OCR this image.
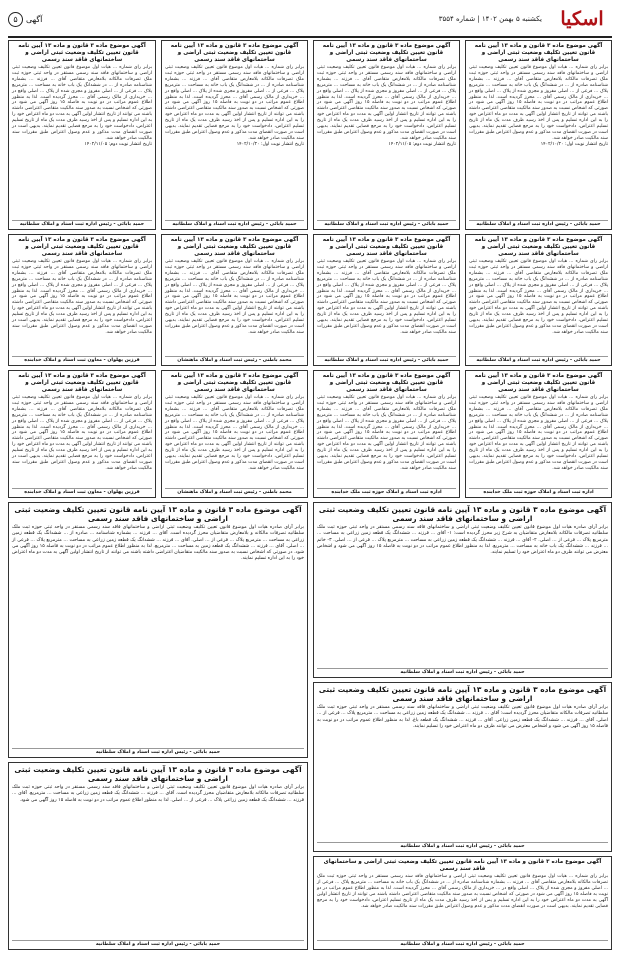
اسکیا
یکشنبه ۵ بهمن ۱۴۰۲ | شماره ۳۵۵۴
آگهی
۵
آگهی موضوع ماده ۳ قانون و ماده ۱۳ آیین نامه قانون تعیین تکلیف وضعیت ثبتی اراضی و ساختمانهای فاقد سند رسمی
برابر رای شماره ... هیات اول موضوع قانون تعیین تکلیف وضعیت ثبتی اراضی و ساختمانهای فاقد سند رسمی مستقر در واحد ثبتی حوزه ثبت ملک تصرفات مالکانه بلامعارض متقاضی آقای ... فرزند ... بشماره شناسنامه صادره از ... در ششدانگ یک باب خانه به مساحت ... مترمربع پلاک ... فرعی از ... اصلی مفروز و مجزی شده از پلاک ... اصلی واقع در ... خریداری از مالک رسمی آقای ... محرز گردیده است. لذا به منظور اطلاع عموم مراتب در دو نوبت به فاصله ۱۵ روز آگهی می شود در صورتی که اشخاص نسبت به صدور سند مالکیت متقاضی اعتراضی داشته باشند می توانند از تاریخ انتشار اولین آگهی به مدت دو ماه اعتراض خود را به این اداره تسلیم و پس از اخذ رسید ظرف مدت یک ماه از تاریخ تسلیم اعتراض، دادخواست خود را به مرجع قضایی تقدیم نمایند. بدیهی است در صورت انقضای مدت مذکور و عدم وصول اعتراض طبق مقررات سند مالکیت صادر خواهد شد.
تاریخ انتشار نوبت اول: ۱۴۰۲/۱۰/۲۰
حمید بابائی - رئیس اداره ثبت اسناد و املاک سلطانیه
آگهی موضوع ماده ۳ قانون و ماده ۱۳ آیین نامه قانون تعیین تکلیف وضعیت ثبتی اراضی و ساختمانهای فاقد سند رسمی
برابر رای شماره ... هیات اول موضوع قانون تعیین تکلیف وضعیت ثبتی اراضی و ساختمانهای فاقد سند رسمی مستقر در واحد ثبتی حوزه ثبت ملک تصرفات مالکانه بلامعارض متقاضی آقای ... فرزند ... بشماره شناسنامه صادره از ... در ششدانگ یک باب خانه به مساحت ... مترمربع پلاک ... فرعی از ... اصلی مفروز و مجزی شده از پلاک ... اصلی واقع در ... خریداری از مالک رسمی آقای ... محرز گردیده است. لذا به منظور اطلاع عموم مراتب در دو نوبت به فاصله ۱۵ روز آگهی می شود در صورتی که اشخاص نسبت به صدور سند مالکیت متقاضی اعتراضی داشته باشند می توانند از تاریخ انتشار اولین آگهی به مدت دو ماه اعتراض خود را به این اداره تسلیم و پس از اخذ رسید ظرف مدت یک ماه از تاریخ تسلیم اعتراض، دادخواست خود را به مرجع قضایی تقدیم نمایند. بدیهی است در صورت انقضای مدت مذکور و عدم وصول اعتراض طبق مقررات سند مالکیت صادر خواهد شد.
تاریخ انتشار نوبت دوم: ۱۴۰۲/۱۱/۰۵
حمید بابائی - رئیس اداره ثبت اسناد و املاک سلطانیه
آگهی موضوع ماده ۳ قانون و ماده ۱۳ آیین نامه قانون تعیین تکلیف وضعیت ثبتی اراضی و ساختمانهای فاقد سند رسمی
برابر رای شماره ... هیات اول موضوع قانون تعیین تکلیف وضعیت ثبتی اراضی و ساختمانهای فاقد سند رسمی مستقر در واحد ثبتی حوزه ثبت ملک تصرفات مالکانه بلامعارض متقاضی آقای ... فرزند ... بشماره شناسنامه صادره از ... در ششدانگ یک باب خانه به مساحت ... مترمربع پلاک ... فرعی از ... اصلی مفروز و مجزی شده از پلاک ... اصلی واقع در ... خریداری از مالک رسمی آقای ... محرز گردیده است. لذا به منظور اطلاع عموم مراتب در دو نوبت به فاصله ۱۵ روز آگهی می شود در صورتی که اشخاص نسبت به صدور سند مالکیت متقاضی اعتراضی داشته باشند می توانند از تاریخ انتشار اولین آگهی به مدت دو ماه اعتراض خود را به این اداره تسلیم و پس از اخذ رسید ظرف مدت یک ماه از تاریخ تسلیم اعتراض، دادخواست خود را به مرجع قضایی تقدیم نمایند. بدیهی است در صورت انقضای مدت مذکور و عدم وصول اعتراض طبق مقررات سند مالکیت صادر خواهد شد.
تاریخ انتشار نوبت اول: ۱۴۰۲/۱۰/۲۰
حمید بابائی - رئیس اداره ثبت اسناد و املاک سلطانیه
آگهی موضوع ماده ۳ قانون و ماده ۱۳ آیین نامه قانون تعیین تکلیف وضعیت ثبتی اراضی و ساختمانهای فاقد سند رسمی
برابر رای شماره ... هیات اول موضوع قانون تعیین تکلیف وضعیت ثبتی اراضی و ساختمانهای فاقد سند رسمی مستقر در واحد ثبتی حوزه ثبت ملک تصرفات مالکانه بلامعارض متقاضی آقای ... فرزند ... بشماره شناسنامه صادره از ... در ششدانگ یک باب خانه به مساحت ... مترمربع پلاک ... فرعی از ... اصلی مفروز و مجزی شده از پلاک ... اصلی واقع در ... خریداری از مالک رسمی آقای ... محرز گردیده است. لذا به منظور اطلاع عموم مراتب در دو نوبت به فاصله ۱۵ روز آگهی می شود در صورتی که اشخاص نسبت به صدور سند مالکیت متقاضی اعتراضی داشته باشند می توانند از تاریخ انتشار اولین آگهی به مدت دو ماه اعتراض خود را به این اداره تسلیم و پس از اخذ رسید ظرف مدت یک ماه از تاریخ تسلیم اعتراض، دادخواست خود را به مرجع قضایی تقدیم نمایند. بدیهی است در صورت انقضای مدت مذکور و عدم وصول اعتراض طبق مقررات سند مالکیت صادر خواهد شد.
تاریخ انتشار نوبت دوم: ۱۴۰۲/۱۱/۰۵
حمید بابائی - رئیس اداره ثبت اسناد و املاک سلطانیه
آگهی موضوع ماده ۳ قانون و ماده ۱۳ آیین نامه قانون تعیین تکلیف وضعیت ثبتی اراضی و ساختمانهای فاقد سند رسمی
برابر رای شماره ... هیات اول موضوع قانون تعیین تکلیف وضعیت ثبتی اراضی و ساختمانهای فاقد سند رسمی مستقر در واحد ثبتی حوزه ثبت ملک تصرفات مالکانه بلامعارض متقاضی آقای ... فرزند ... بشماره شناسنامه صادره از ... در ششدانگ یک باب خانه به مساحت ... مترمربع پلاک ... فرعی از ... اصلی مفروز و مجزی شده از پلاک ... اصلی واقع در ... خریداری از مالک رسمی آقای ... محرز گردیده است. لذا به منظور اطلاع عموم مراتب در دو نوبت به فاصله ۱۵ روز آگهی می شود در صورتی که اشخاص نسبت به صدور سند مالکیت متقاضی اعتراضی داشته باشند می توانند از تاریخ انتشار اولین آگهی به مدت دو ماه اعتراض خود را به این اداره تسلیم و پس از اخذ رسید ظرف مدت یک ماه از تاریخ تسلیم اعتراض، دادخواست خود را به مرجع قضایی تقدیم نمایند. بدیهی است در صورت انقضای مدت مذکور و عدم وصول اعتراض طبق مقررات سند مالکیت صادر خواهد شد.
حمید بابائی - رئیس اداره ثبت اسناد و املاک سلطانیه
آگهی موضوع ماده ۳ قانون و ماده ۱۳ آیین نامه قانون تعیین تکلیف وضعیت ثبتی اراضی و ساختمانهای فاقد سند رسمی
برابر رای شماره ... هیات اول موضوع قانون تعیین تکلیف وضعیت ثبتی اراضی و ساختمانهای فاقد سند رسمی مستقر در واحد ثبتی حوزه ثبت ملک تصرفات مالکانه بلامعارض متقاضی آقای ... فرزند ... بشماره شناسنامه صادره از ... در ششدانگ یک باب خانه به مساحت ... مترمربع پلاک ... فرعی از ... اصلی مفروز و مجزی شده از پلاک ... اصلی واقع در ... خریداری از مالک رسمی آقای ... محرز گردیده است. لذا به منظور اطلاع عموم مراتب در دو نوبت به فاصله ۱۵ روز آگهی می شود در صورتی که اشخاص نسبت به صدور سند مالکیت متقاضی اعتراضی داشته باشند می توانند از تاریخ انتشار اولین آگهی به مدت دو ماه اعتراض خود را به این اداره تسلیم و پس از اخذ رسید ظرف مدت یک ماه از تاریخ تسلیم اعتراض، دادخواست خود را به مرجع قضایی تقدیم نمایند. بدیهی است در صورت انقضای مدت مذکور و عدم وصول اعتراض طبق مقررات سند مالکیت صادر خواهد شد.
حمید بابائی - رئیس اداره ثبت اسناد و املاک سلطانیه
آگهی موضوع ماده ۳ قانون و ماده ۱۳ آیین نامه قانون تعیین تکلیف وضعیت ثبتی اراضی و ساختمانهای فاقد سند رسمی
برابر رای شماره ... هیات اول موضوع قانون تعیین تکلیف وضعیت ثبتی اراضی و ساختمانهای فاقد سند رسمی مستقر در واحد ثبتی حوزه ثبت ملک تصرفات مالکانه بلامعارض متقاضی آقای ... فرزند ... بشماره شناسنامه صادره از ... در ششدانگ یک باب خانه به مساحت ... مترمربع پلاک ... فرعی از ... اصلی مفروز و مجزی شده از پلاک ... اصلی واقع در ... خریداری از مالک رسمی آقای ... محرز گردیده است. لذا به منظور اطلاع عموم مراتب در دو نوبت به فاصله ۱۵ روز آگهی می شود در صورتی که اشخاص نسبت به صدور سند مالکیت متقاضی اعتراضی داشته باشند می توانند از تاریخ انتشار اولین آگهی به مدت دو ماه اعتراض خود را به این اداره تسلیم و پس از اخذ رسید ظرف مدت یک ماه از تاریخ تسلیم اعتراض، دادخواست خود را به مرجع قضایی تقدیم نمایند. بدیهی است در صورت انقضای مدت مذکور و عدم وصول اعتراض طبق مقررات سند مالکیت صادر خواهد شد.
محمد باطنی - رئیس ثبت اسناد و املاک ماهنشان
آگهی موضوع ماده ۳ قانون و ماده ۱۳ آیین نامه قانون تعیین تکلیف وضعیت ثبتی اراضی و ساختمانهای فاقد سند رسمی
برابر رای شماره ... هیات اول موضوع قانون تعیین تکلیف وضعیت ثبتی اراضی و ساختمانهای فاقد سند رسمی مستقر در واحد ثبتی حوزه ثبت ملک تصرفات مالکانه بلامعارض متقاضی آقای ... فرزند ... بشماره شناسنامه صادره از ... در ششدانگ یک باب خانه به مساحت ... مترمربع پلاک ... فرعی از ... اصلی مفروز و مجزی شده از پلاک ... اصلی واقع در ... خریداری از مالک رسمی آقای ... محرز گردیده است. لذا به منظور اطلاع عموم مراتب در دو نوبت به فاصله ۱۵ روز آگهی می شود در صورتی که اشخاص نسبت به صدور سند مالکیت متقاضی اعتراضی داشته باشند می توانند از تاریخ انتشار اولین آگهی به مدت دو ماه اعتراض خود را به این اداره تسلیم و پس از اخذ رسید ظرف مدت یک ماه از تاریخ تسلیم اعتراض، دادخواست خود را به مرجع قضایی تقدیم نمایند. بدیهی است در صورت انقضای مدت مذکور و عدم وصول اعتراض طبق مقررات سند مالکیت صادر خواهد شد.
فرزین پهلوان - معاون ثبت اسناد و املاک خدابنده
آگهی موضوع ماده ۳ قانون و ماده ۱۳ آیین نامه قانون تعیین تکلیف وضعیت ثبتی اراضی و ساختمانهای فاقد سند رسمی
برابر رای شماره ... هیات اول موضوع قانون تعیین تکلیف وضعیت ثبتی اراضی و ساختمانهای فاقد سند رسمی مستقر در واحد ثبتی حوزه ثبت ملک تصرفات مالکانه بلامعارض متقاضی آقای ... فرزند ... بشماره شناسنامه صادره از ... در ششدانگ یک باب خانه به مساحت ... مترمربع پلاک ... فرعی از ... اصلی مفروز و مجزی شده از پلاک ... اصلی واقع در ... خریداری از مالک رسمی آقای ... محرز گردیده است. لذا به منظور اطلاع عموم مراتب در دو نوبت به فاصله ۱۵ روز آگهی می شود در صورتی که اشخاص نسبت به صدور سند مالکیت متقاضی اعتراضی داشته باشند می توانند از تاریخ انتشار اولین آگهی به مدت دو ماه اعتراض خود را به این اداره تسلیم و پس از اخذ رسید ظرف مدت یک ماه از تاریخ تسلیم اعتراض، دادخواست خود را به مرجع قضایی تقدیم نمایند. بدیهی است در صورت انقضای مدت مذکور و عدم وصول اعتراض طبق مقررات سند مالکیت صادر خواهد شد.
اداره ثبت اسناد و املاک حوزه ثبت ملک خدابنده
آگهی موضوع ماده ۳ قانون و ماده ۱۳ آیین نامه قانون تعیین تکلیف وضعیت ثبتی اراضی و ساختمانهای فاقد سند رسمی
برابر رای شماره ... هیات اول موضوع قانون تعیین تکلیف وضعیت ثبتی اراضی و ساختمانهای فاقد سند رسمی مستقر در واحد ثبتی حوزه ثبت ملک تصرفات مالکانه بلامعارض متقاضی آقای ... فرزند ... بشماره شناسنامه صادره از ... در ششدانگ یک باب خانه به مساحت ... مترمربع پلاک ... فرعی از ... اصلی مفروز و مجزی شده از پلاک ... اصلی واقع در ... خریداری از مالک رسمی آقای ... محرز گردیده است. لذا به منظور اطلاع عموم مراتب در دو نوبت به فاصله ۱۵ روز آگهی می شود در صورتی که اشخاص نسبت به صدور سند مالکیت متقاضی اعتراضی داشته باشند می توانند از تاریخ انتشار اولین آگهی به مدت دو ماه اعتراض خود را به این اداره تسلیم و پس از اخذ رسید ظرف مدت یک ماه از تاریخ تسلیم اعتراض، دادخواست خود را به مرجع قضایی تقدیم نمایند. بدیهی است در صورت انقضای مدت مذکور و عدم وصول اعتراض طبق مقررات سند مالکیت صادر خواهد شد.
اداره ثبت اسناد و املاک حوزه ثبت ملک خدابنده
آگهی موضوع ماده ۳ قانون و ماده ۱۳ آیین نامه قانون تعیین تکلیف وضعیت ثبتی اراضی و ساختمانهای فاقد سند رسمی
برابر رای شماره ... هیات اول موضوع قانون تعیین تکلیف وضعیت ثبتی اراضی و ساختمانهای فاقد سند رسمی مستقر در واحد ثبتی حوزه ثبت ملک تصرفات مالکانه بلامعارض متقاضی آقای ... فرزند ... بشماره شناسنامه صادره از ... در ششدانگ یک باب خانه به مساحت ... مترمربع پلاک ... فرعی از ... اصلی مفروز و مجزی شده از پلاک ... اصلی واقع در ... خریداری از مالک رسمی آقای ... محرز گردیده است. لذا به منظور اطلاع عموم مراتب در دو نوبت به فاصله ۱۵ روز آگهی می شود در صورتی که اشخاص نسبت به صدور سند مالکیت متقاضی اعتراضی داشته باشند می توانند از تاریخ انتشار اولین آگهی به مدت دو ماه اعتراض خود را به این اداره تسلیم و پس از اخذ رسید ظرف مدت یک ماه از تاریخ تسلیم اعتراض، دادخواست خود را به مرجع قضایی تقدیم نمایند. بدیهی است در صورت انقضای مدت مذکور و عدم وصول اعتراض طبق مقررات سند مالکیت صادر خواهد شد.
محمد باطنی - رئیس ثبت اسناد و املاک ماهنشان
آگهی موضوع ماده ۳ قانون و ماده ۱۳ آیین نامه قانون تعیین تکلیف وضعیت ثبتی اراضی و ساختمانهای فاقد سند رسمی
برابر رای شماره ... هیات اول موضوع قانون تعیین تکلیف وضعیت ثبتی اراضی و ساختمانهای فاقد سند رسمی مستقر در واحد ثبتی حوزه ثبت ملک تصرفات مالکانه بلامعارض متقاضی آقای ... فرزند ... بشماره شناسنامه صادره از ... در ششدانگ یک باب خانه به مساحت ... مترمربع پلاک ... فرعی از ... اصلی مفروز و مجزی شده از پلاک ... اصلی واقع در ... خریداری از مالک رسمی آقای ... محرز گردیده است. لذا به منظور اطلاع عموم مراتب در دو نوبت به فاصله ۱۵ روز آگهی می شود در صورتی که اشخاص نسبت به صدور سند مالکیت متقاضی اعتراضی داشته باشند می توانند از تاریخ انتشار اولین آگهی به مدت دو ماه اعتراض خود را به این اداره تسلیم و پس از اخذ رسید ظرف مدت یک ماه از تاریخ تسلیم اعتراض، دادخواست خود را به مرجع قضایی تقدیم نمایند. بدیهی است در صورت انقضای مدت مذکور و عدم وصول اعتراض طبق مقررات سند مالکیت صادر خواهد شد.
فرزین پهلوان - معاون ثبت اسناد و املاک خدابنده
آگهی موضوع ماده ۳ قانون و ماده ۱۳ آیین نامه قانون تعیین تکلیف وضعیت ثبتی اراضی و ساختمانهای فاقد سند رسمی
برابر آرای صادره هیات اول موضوع قانون تعیین تکلیف وضعیت ثبتی اراضی و ساختمانهای فاقد سند رسمی مستقر در واحد ثبتی حوزه ثبت ملک سلطانیه تصرفات مالکانه بلامعارض متقاضیان به شرح زیر محرز گردیده است: ۱- آقای ... فرزند ... ششدانگ یک قطعه زمین زراعی به مساحت ... مترمربع پلاک ... فرعی از ... اصلی. ۲- آقای ... فرزند ... ششدانگ یک قطعه زمین زراعی به مساحت ... مترمربع پلاک ... فرعی از ... اصلی. ۳- خانم ... فرزند ... ششدانگ یک باب خانه به مساحت ... مترمربع. لذا به منظور اطلاع عموم مراتب در دو نوبت به فاصله ۱۵ روز آگهی می شود و اشخاص معترض می توانند ظرف دو ماه اعتراض خود را تسلیم نمایند.
حمید بابائی - رئیس اداره ثبت اسناد و املاک سلطانیه
آگهی موضوع ماده ۳ قانون و ماده ۱۳ آیین نامه قانون تعیین تکلیف وضعیت ثبتی اراضی و ساختمانهای فاقد سند رسمی
برابر آرای صادره هیات اول موضوع قانون تعیین تکلیف وضعیت ثبتی اراضی و ساختمانهای فاقد سند رسمی مستقر در واحد ثبتی حوزه ثبت ملک سلطانیه تصرفات مالکانه و بلامعارض متقاضیان محرز گردیده است. آقای ... فرزند ... بشماره شناسنامه ... صادره از ... ششدانگ یک قطعه زمین زراعی به مساحت ... مترمربع پلاک ... فرعی از ... اصلی. آقای ... فرزند ... ششدانگ یک قطعه زمین زراعی به مساحت ... مترمربع پلاک ... فرعی از ... اصلی. آقای ... فرزند ... ششدانگ یک قطعه زمین به مساحت ... مترمربع. لذا به منظور اطلاع عموم مراتب در دو نوبت به فاصله ۱۵ روز آگهی می شود. در صورتی که اشخاص نسبت به صدور سند مالکیت متقاضیان اعتراضی داشته باشند می توانند از تاریخ انتشار اولین آگهی به مدت دو ماه اعتراض خود را به این اداره تسلیم نمایند.
حمید بابائی - رئیس اداره ثبت اسناد و املاک سلطانیه
آگهی موضوع ماده ۳ قانون و ماده ۱۳ آیین نامه قانون تعیین تکلیف وضعیت ثبتی اراضی و ساختمانهای فاقد سند رسمی
برابر آرای صادره هیات اول موضوع قانون تعیین تکلیف وضعیت ثبتی اراضی و ساختمانهای فاقد سند رسمی مستقر در واحد ثبتی حوزه ثبت ملک سلطانیه تصرفات مالکانه متقاضیان محرز گردیده است: آقای ... فرزند ... ششدانگ یک قطعه زمین زراعی به مساحت ... مترمربع پلاک ... فرعی از ... اصلی. آقای ... فرزند ... ششدانگ یک قطعه زمین زراعی. آقای ... فرزند ... ششدانگ یک قطعه باغ. لذا به منظور اطلاع عموم مراتب در دو نوبت به فاصله ۱۵ روز آگهی می شود و اشخاص معترض می توانند ظرف دو ماه اعتراض خود را تسلیم نمایند.
حمید بابائی - رئیس اداره ثبت اسناد و املاک سلطانیه
آگهی موضوع ماده ۳ قانون و ماده ۱۳ آیین نامه قانون تعیین تکلیف وضعیت ثبتی اراضی و ساختمانهای فاقد سند رسمی
برابر آرای صادره هیات اول موضوع قانون تعیین تکلیف وضعیت ثبتی اراضی و ساختمانهای فاقد سند رسمی مستقر در واحد ثبتی حوزه ثبت ملک سلطانیه تصرفات مالکانه بلامعارض متقاضیان محرز گردیده است. آقای ... فرزند ... ششدانگ یک قطعه زمین زراعی به مساحت ... مترمربع. آقای ... فرزند ... ششدانگ یک قطعه زمین زراعی پلاک ... فرعی از ... اصلی. لذا به منظور اطلاع عموم مراتب در دو نوبت به فاصله ۱۵ روز آگهی می شود.
حمید بابائی - رئیس اداره ثبت اسناد و املاک سلطانیه
آگهی موضوع ماده ۳ قانون و ماده ۱۳ آیین نامه قانون تعیین تکلیف وضعیت ثبتی اراضی و ساختمانهای فاقد سند رسمی
برابر رای شماره ... هیات اول موضوع قانون تعیین تکلیف وضعیت ثبتی اراضی و ساختمانهای فاقد سند رسمی مستقر در واحد ثبتی حوزه ثبت ملک تصرفات مالکانه بلامعارض متقاضی آقای ... فرزند ... بشماره شناسنامه صادره از ... در ششدانگ یک باب خانه به مساحت ... مترمربع پلاک ... فرعی از ... اصلی مفروز و مجزی شده از پلاک ... اصلی واقع در ... خریداری از مالک رسمی آقای ... محرز گردیده است. لذا به منظور اطلاع عموم مراتب در دو نوبت به فاصله ۱۵ روز آگهی می شود در صورتی که اشخاص نسبت به صدور سند مالکیت متقاضی اعتراضی داشته باشند می توانند از تاریخ انتشار اولین آگهی به مدت دو ماه اعتراض خود را به این اداره تسلیم و پس از اخذ رسید ظرف مدت یک ماه از تاریخ تسلیم اعتراض، دادخواست خود را به مرجع قضایی تقدیم نمایند. بدیهی است در صورت انقضای مدت مذکور و عدم وصول اعتراض طبق مقررات سند مالکیت صادر خواهد شد.
حمید بابائی - رئیس اداره ثبت اسناد و املاک سلطانیه
